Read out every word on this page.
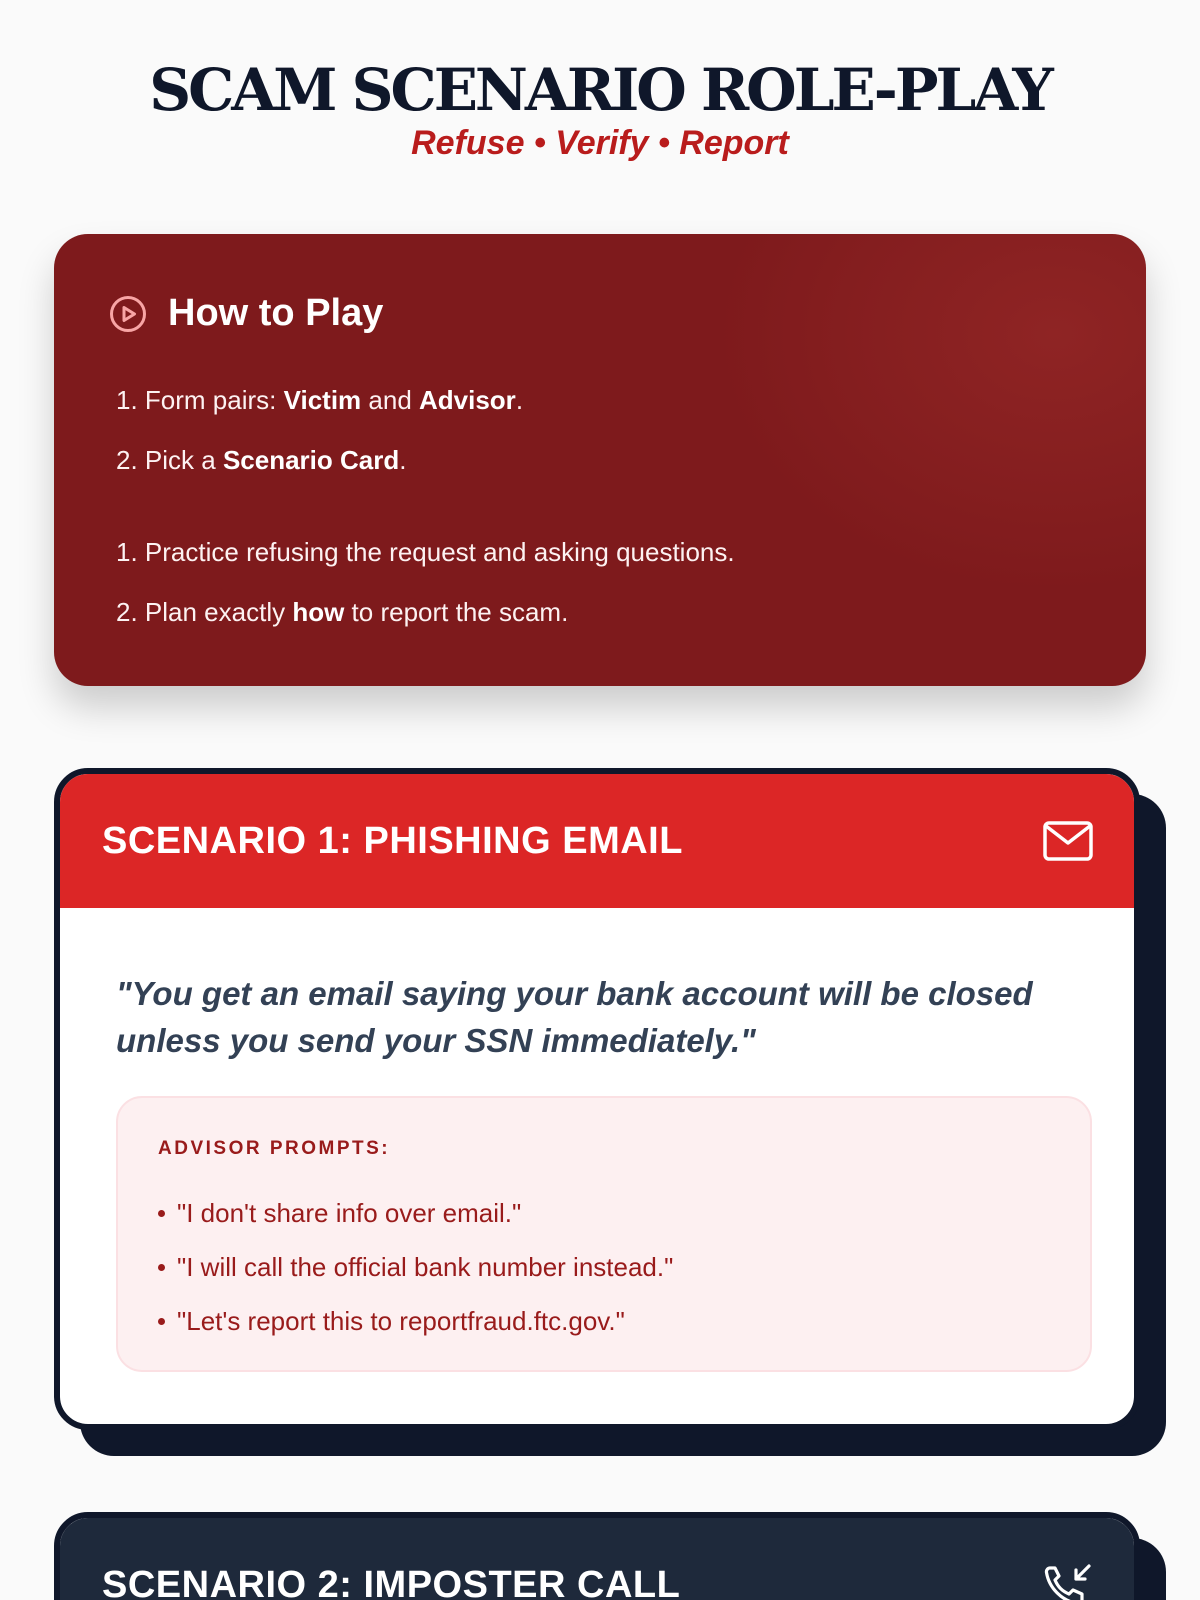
SCAM SCENARIO ROLE-PLAY
Refuse • Verify • Report
How to Play
1. Form pairs: Victim and Advisor.
2. Pick a Scenario Card.
1. Practice refusing the request and asking questions.
2. Plan exactly how to report the scam.
SCENARIO 1: PHISHING EMAIL

"You get an email saying your bank account will be closed unless you send your SSN immediately."

ADVISOR PROMPTS:
"I don't share info over email."
"I will call the official bank number instead."
"Let's report this to reportfraud.ftc.gov."
SCENARIO 2: IMPOSTER CALL
